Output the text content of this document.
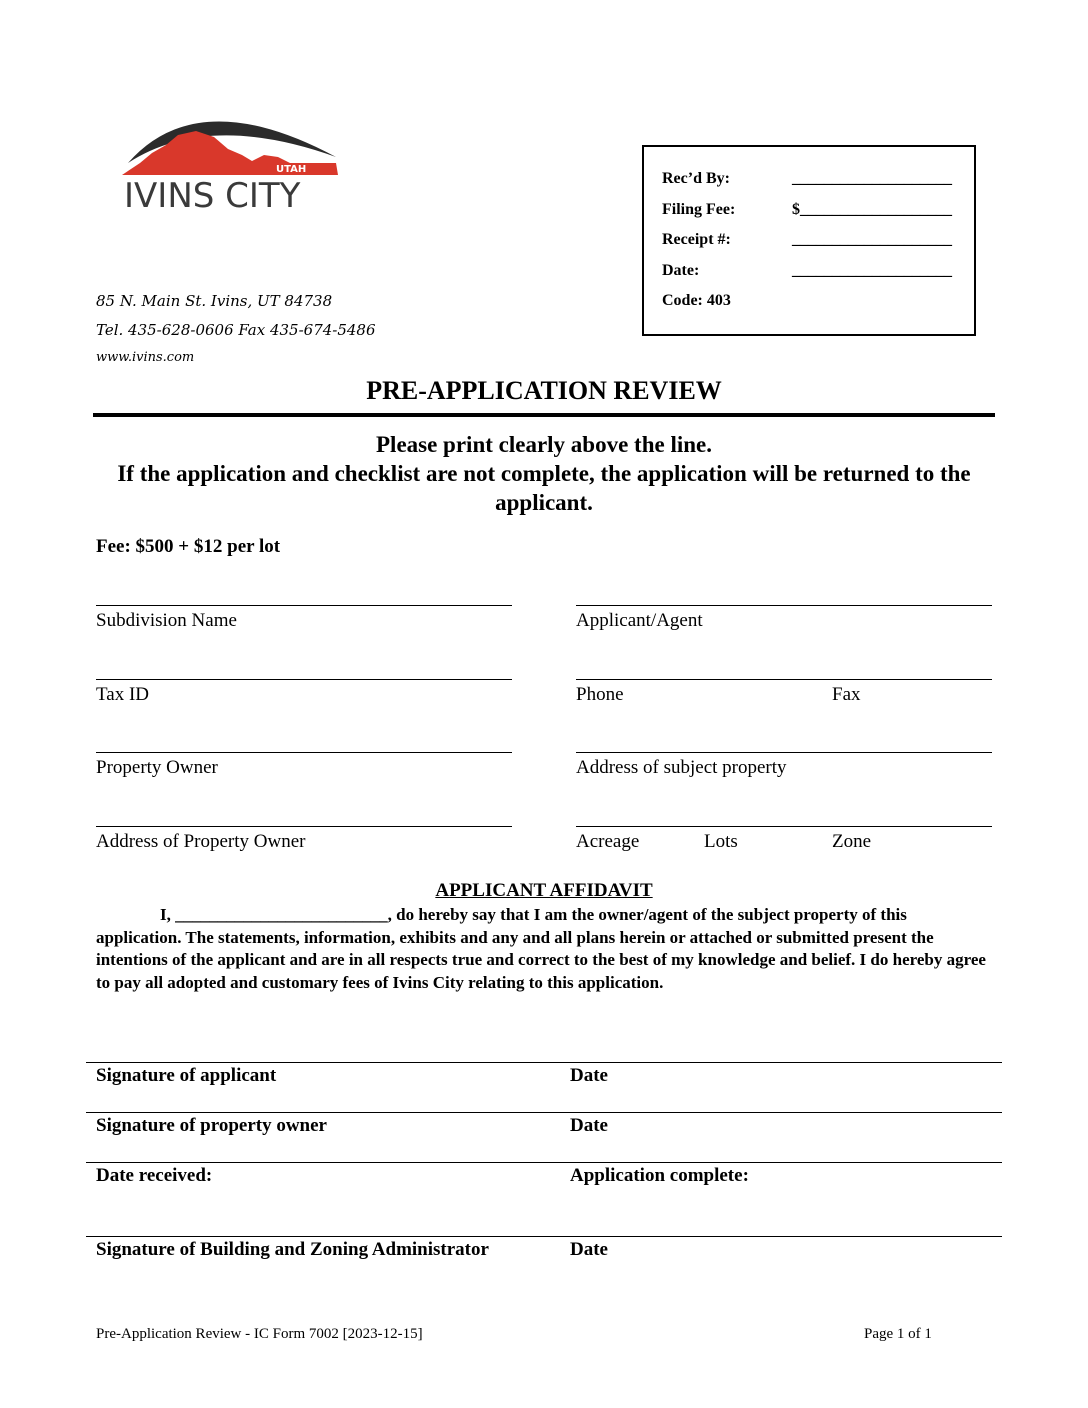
UTAH
IVINS CITY
85 N. Main St. Ivins, UT 84738
Tel. 435-628-0606 Fax 435-674-5486
www.ivins.com
Rec’d By:	____________________
Filing Fee:	$___________________
Receipt #:	____________________
Date:	____________________
Code: 403
PRE-APPLICATION REVIEW
Please print clearly above the line.
If the application and checklist are not complete, the application will be returned to the applicant.
Fee: $500 + $12 per lot
Subdivision Name	Applicant/Agent
Tax ID	Phone	Fax
Property Owner	Address of subject property
Address of Property Owner	Acreage	Lots	Zone
APPLICANT AFFIDAVIT

I, _________________________, do hereby say that I am the owner/agent of the subject property of this application. The statements, information, exhibits and any and all plans herein or attached or submitted present the intentions of the applicant and are in all respects true and correct to the best of my knowledge and belief. I do hereby agree to pay all adopted and customary fees of Ivins City relating to this application.

Signature of applicant	Date
Signature of property owner	Date
Date received:	Application complete:
Signature of Building and Zoning Administrator	Date
Pre-Application Review - IC Form 7002 [2023-12-15]	Page 1 of 1
